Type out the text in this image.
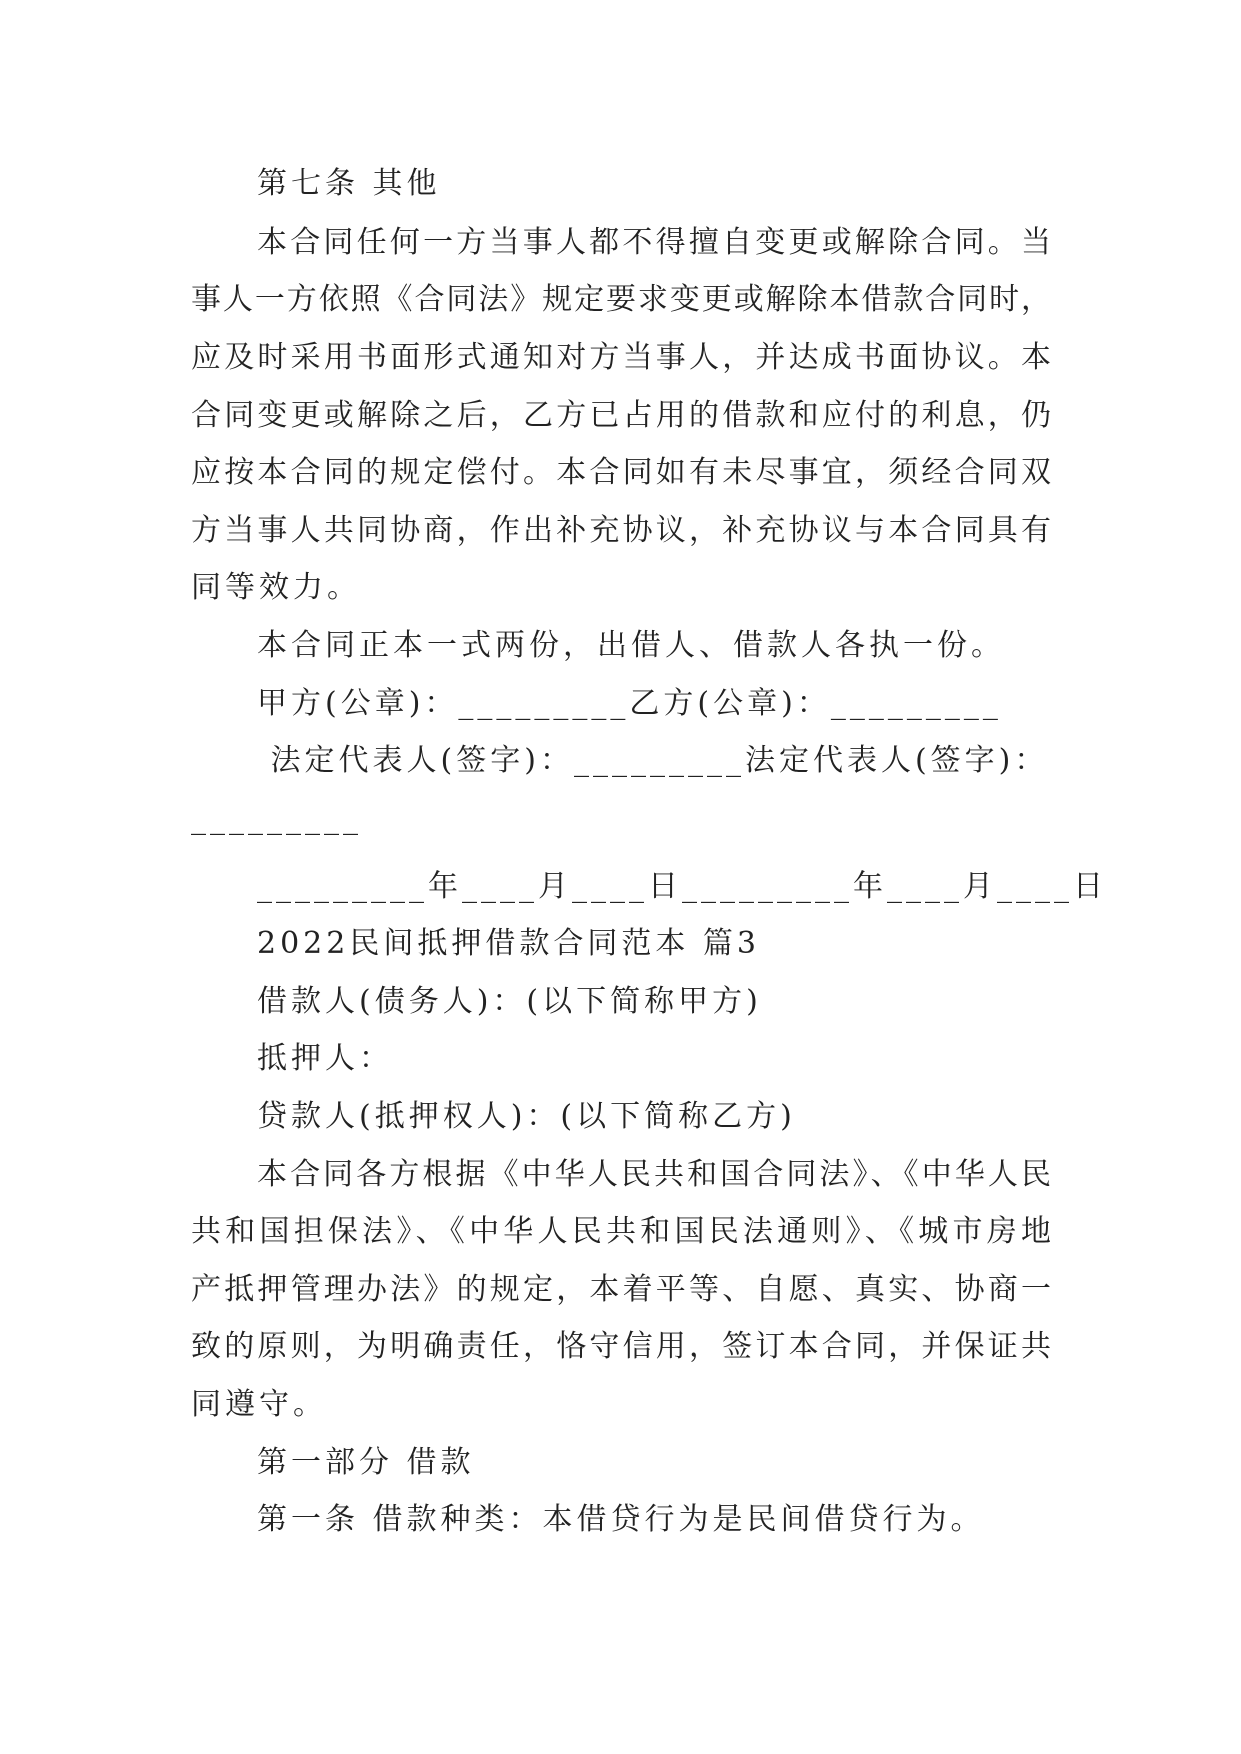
第七条 其他
本合同任何一方当事人都不得擅自变更或解除合同。当
事人一方依照《合同法》规定要求变更或解除本借款合同时，
应及时采用书面形式通知对方当事人，并达成书面协议。本
合同变更或解除之后，乙方已占用的借款和应付的利息，仍
应按本合同的规定偿付。本合同如有未尽事宜，须经合同双
方当事人共同协商，作出补充协议，补充协议与本合同具有
同等效力。
本合同正本一式两份，出借人、借款人各执一份。
甲方(公章)：_________乙方(公章)：_________
法定代表人(签字)：_________法定代表人(签字)：
_________
_________年____月____日_________年____月____日
2022民间抵押借款合同范本 篇3
借款人(债务人)：(以下简称甲方)
抵押人：
贷款人(抵押权人)：(以下简称乙方)
本合同各方根据《中华人民共和国合同法》、《中华人民
共和国担保法》、《中华人民共和国民法通则》、《城市房地
产抵押管理办法》的规定，本着平等、自愿、真实、协商一
致的原则，为明确责任，恪守信用，签订本合同，并保证共
同遵守。
第一部分 借款
第一条 借款种类：本借贷行为是民间借贷行为。
